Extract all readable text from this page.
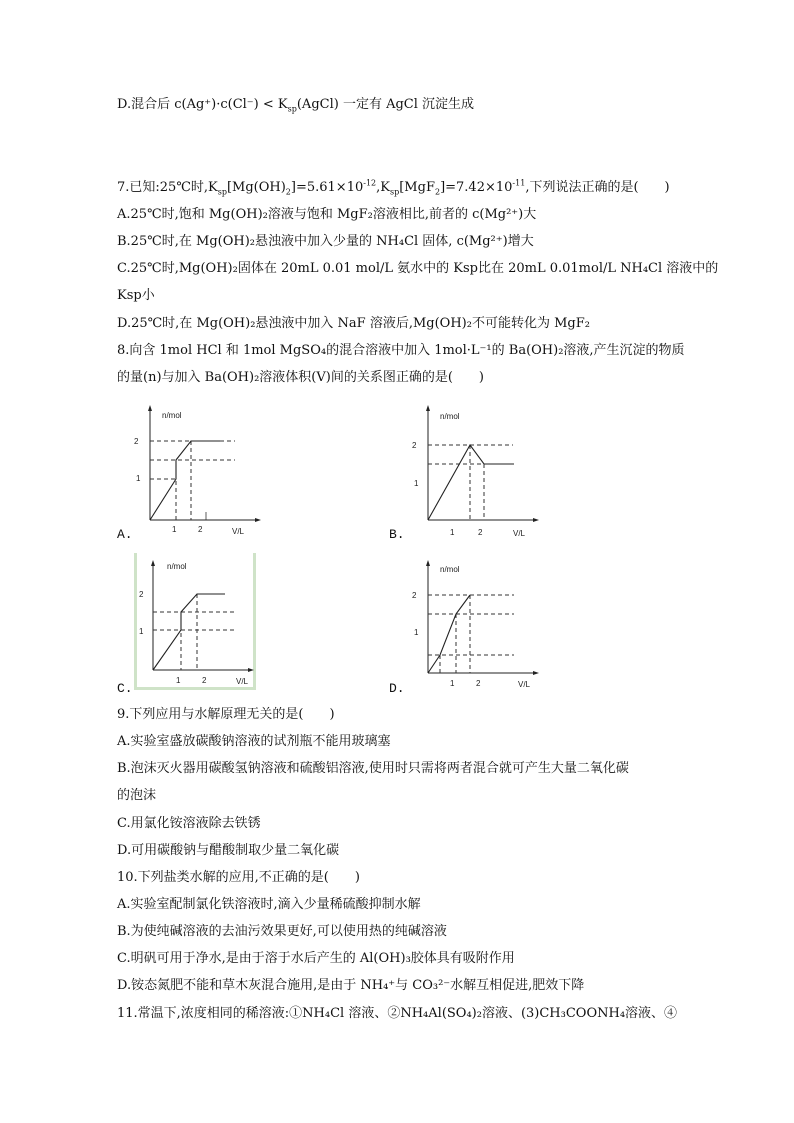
D.混合后 $c(Ag^+)\cdot c(Cl^-) < K_{sp}(AgCl)$ 一定有 AgCl 沉淀生成
7.已知:25℃时$,K_{sp}[Mg(OH)_2]=5.61\times 10^{-12},K_{sp}[MgF_2]=7.42\times 10^{-11}$,下列说法正确的是(　　)
A.25℃时,饱和 Mg(OH)₂溶液与饱和 MgF₂溶液相比,前者的 c(Mg²⁺)大
B.25℃时,在 Mg(OH)₂悬浊液中加入少量的 NH₄Cl 固体, c(Mg²⁺)增大
C.25℃时,Mg(OH)₂固体在 20mL 0.01 mol/L 氨水中的 Ksp比在 20mL 0.01mol/L NH₄Cl 溶液中的
Ksp小
D.25℃时,在 Mg(OH)₂悬浊液中加入 NaF 溶液后,Mg(OH)₂不可能转化为 MgF₂
8.向含 1mol HCl 和 1mol MgSO₄的混合溶液中加入 1mol·L⁻¹的 Ba(OH)₂溶液,产生沉淀的物质
的量(n)与加入 Ba(OH)₂溶液体积(V)间的关系图正确的是(　　)
n/mol
V/L
2
1
1	2
A.
n/mol
V/L
2
1
1	2
B.
n/mol
V/L
2
1
1	2
C.
n/mol
V/L
2
1
1	2
D.
9.下列应用与水解原理无关的是(　　)
A.实验室盛放碳酸钠溶液的试剂瓶不能用玻璃塞
B.泡沫灭火器用碳酸氢钠溶液和硫酸铝溶液,使用时只需将两者混合就可产生大量二氧化碳
的泡沫
C.用氯化铵溶液除去铁锈
D.可用碳酸钠与醋酸制取少量二氧化碳
10.下列盐类水解的应用,不正确的是(　　)
A.实验室配制氯化铁溶液时,滴入少量稀硫酸抑制水解
B.为使纯碱溶液的去油污效果更好,可以使用热的纯碱溶液
C.明矾可用于净水,是由于溶于水后产生的 Al(OH)₃胶体具有吸附作用
D.铵态氮肥不能和草木灰混合施用,是由于 NH₄⁺与 CO₃²⁻水解互相促进,肥效下降
11.常温下,浓度相同的稀溶液:①NH₄Cl 溶液、②NH₄Al(SO₄)₂溶液、(3)CH₃COONH₄溶液、④
